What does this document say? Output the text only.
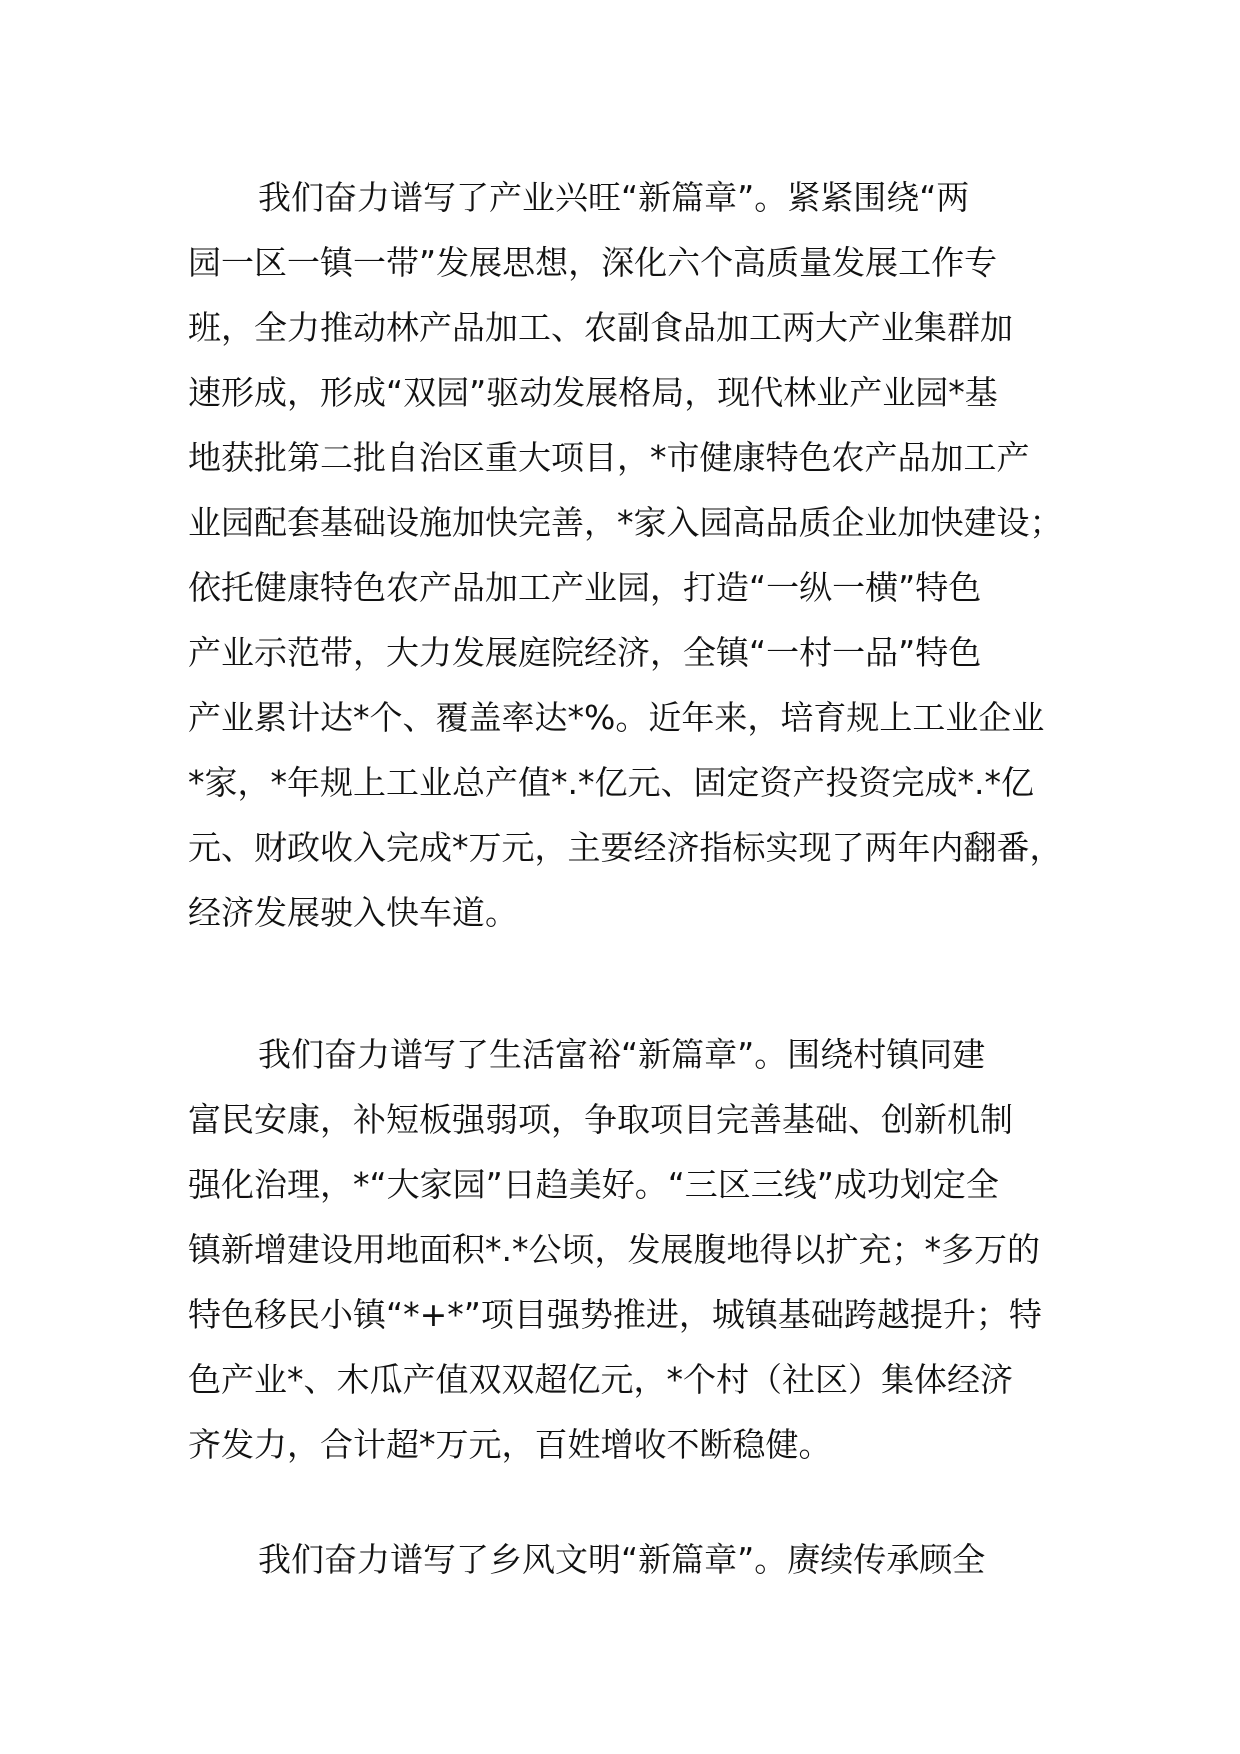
我们奋力谱写了产业兴旺“新篇章”。紧紧围绕“两
园一区一镇一带”发展思想，深化六个高质量发展工作专
班，全力推动林产品加工、农副食品加工两大产业集群加
速形成，形成“双园”驱动发展格局，现代林业产业园*基
地获批第二批自治区重大项目，*市健康特色农产品加工产
业园配套基础设施加快完善，*家入园高品质企业加快建设；
依托健康特色农产品加工产业园，打造“一纵一横”特色
产业示范带，大力发展庭院经济，全镇“一村一品”特色
产业累计达*个、覆盖率达*%。近年来，培育规上工业企业
*家，*年规上工业总产值*.*亿元、固定资产投资完成*.*亿
元、财政收入完成*万元，主要经济指标实现了两年内翻番，
经济发展驶入快车道。
我们奋力谱写了生活富裕“新篇章”。围绕村镇同建
富民安康，补短板强弱项，争取项目完善基础、创新机制
强化治理，*“大家园”日趋美好。“三区三线”成功划定全
镇新增建设用地面积*.*公顷，发展腹地得以扩充；*多万的
特色移民小镇“*+*”项目强势推进，城镇基础跨越提升；特
色产业*、木瓜产值双双超亿元，*个村（社区）集体经济
齐发力，合计超*万元，百姓增收不断稳健。
我们奋力谱写了乡风文明“新篇章”。赓续传承顾全
